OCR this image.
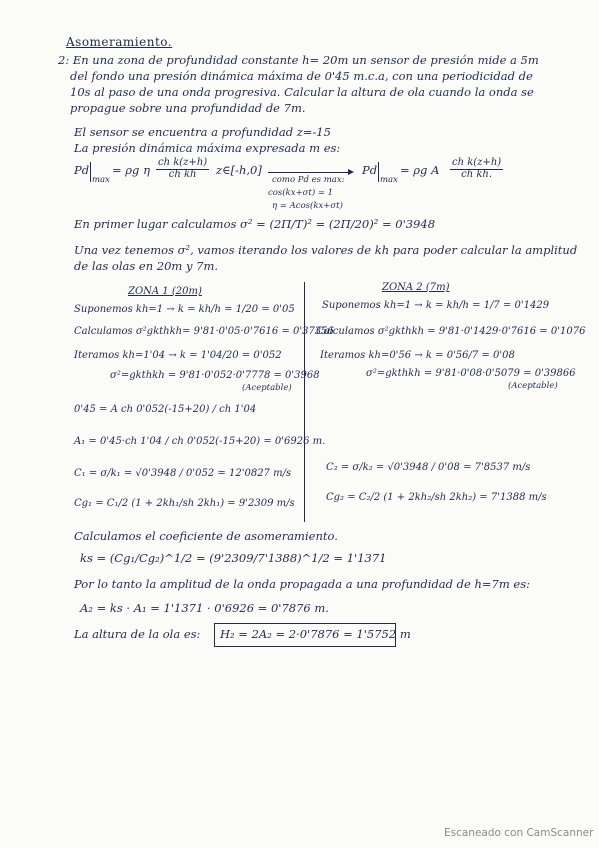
Asomeramiento.
2: En una zona de profundidad constante h= 20m un sensor de presión mide a 5m
del fondo una presión dinámica máxima de 0'45 m.c.a, con una periodicidad de
10s al paso de una onda progresiva. Calcular la altura de ola cuando la onda se
propague sobre una profundidad de 7m.
El sensor se encuentra a profundidad z=-15
La presión dinámica máxima expresada m es:
Pd
max
= ρg η $\frac{\text{ch k(z+h)}}{\text{ch kh}}$ z∈[-h,0]
como Pd es max:
cos(kx+σt) = 1
η = Acos(kx+σt)
Pd
max
= ρg A $\frac{\text{ch k(z+h)}}{\text{ch kh.}}$
En primer lugar calculamos σ² = (2Π/T)² = (2Π/20)² = 0'3948
Una vez tenemos σ², vamos iterando los valores de kh para poder calcular la amplitud
de las olas en 20m y 7m.
ZONA 1 (20m)
Suponemos kh=1 → k = kh/h = 1/20 = 0'05
Calculamos σ²gkthkh= 9'81·0'05·0'7616 = 0'37356
Iteramos kh=1'04 → k = 1'04/20 = 0'052
σ²=gkthkh = 9'81·0'052·0'7778 = 0'3968
(Aceptable)
0'45 = A ch 0'052(-15+20) / ch 1'04
A₁ = 0'45·ch 1'04 / ch 0'052(-15+20) = 0'6926 m.
C₁ = σ/k₁ = √0'3948 / 0'052 = 12'0827 m/s
Cg₁ = C₁/2 (1 + 2kh₁/sh 2kh₁) = 9'2309 m/s
ZONA 2 (7m)
Suponemos kh=1 → k = kh/h = 1/7 = 0'1429
Calculamos σ²gkthkh = 9'81·0'1429·0'7616 = 0'1076
Iteramos kh=0'56 → k = 0'56/7 = 0'08
σ²=gkthkh = 9'81·0'08·0'5079 = 0'39866
(Aceptable)
C₂ = σ/k₂ = √0'3948 / 0'08 = 7'8537 m/s
Cg₂ = C₂/2 (1 + 2kh₂/sh 2kh₂) = 7'1388 m/s
Calculamos el coeficiente de asomeramiento.
ks = (Cg₁/Cg₂)^1/2 = (9'2309/7'1388)^1/2 = 1'1371
Por lo tanto la amplitud de la onda propagada a una profundidad de h=7m es:
A₂ = ks · A₁ = 1'1371 · 0'6926 = 0'7876 m.
La altura de la ola es: H₂ = 2A₂ = 2·0'7876 = 1'5752 m
Escaneado con CamScanner
